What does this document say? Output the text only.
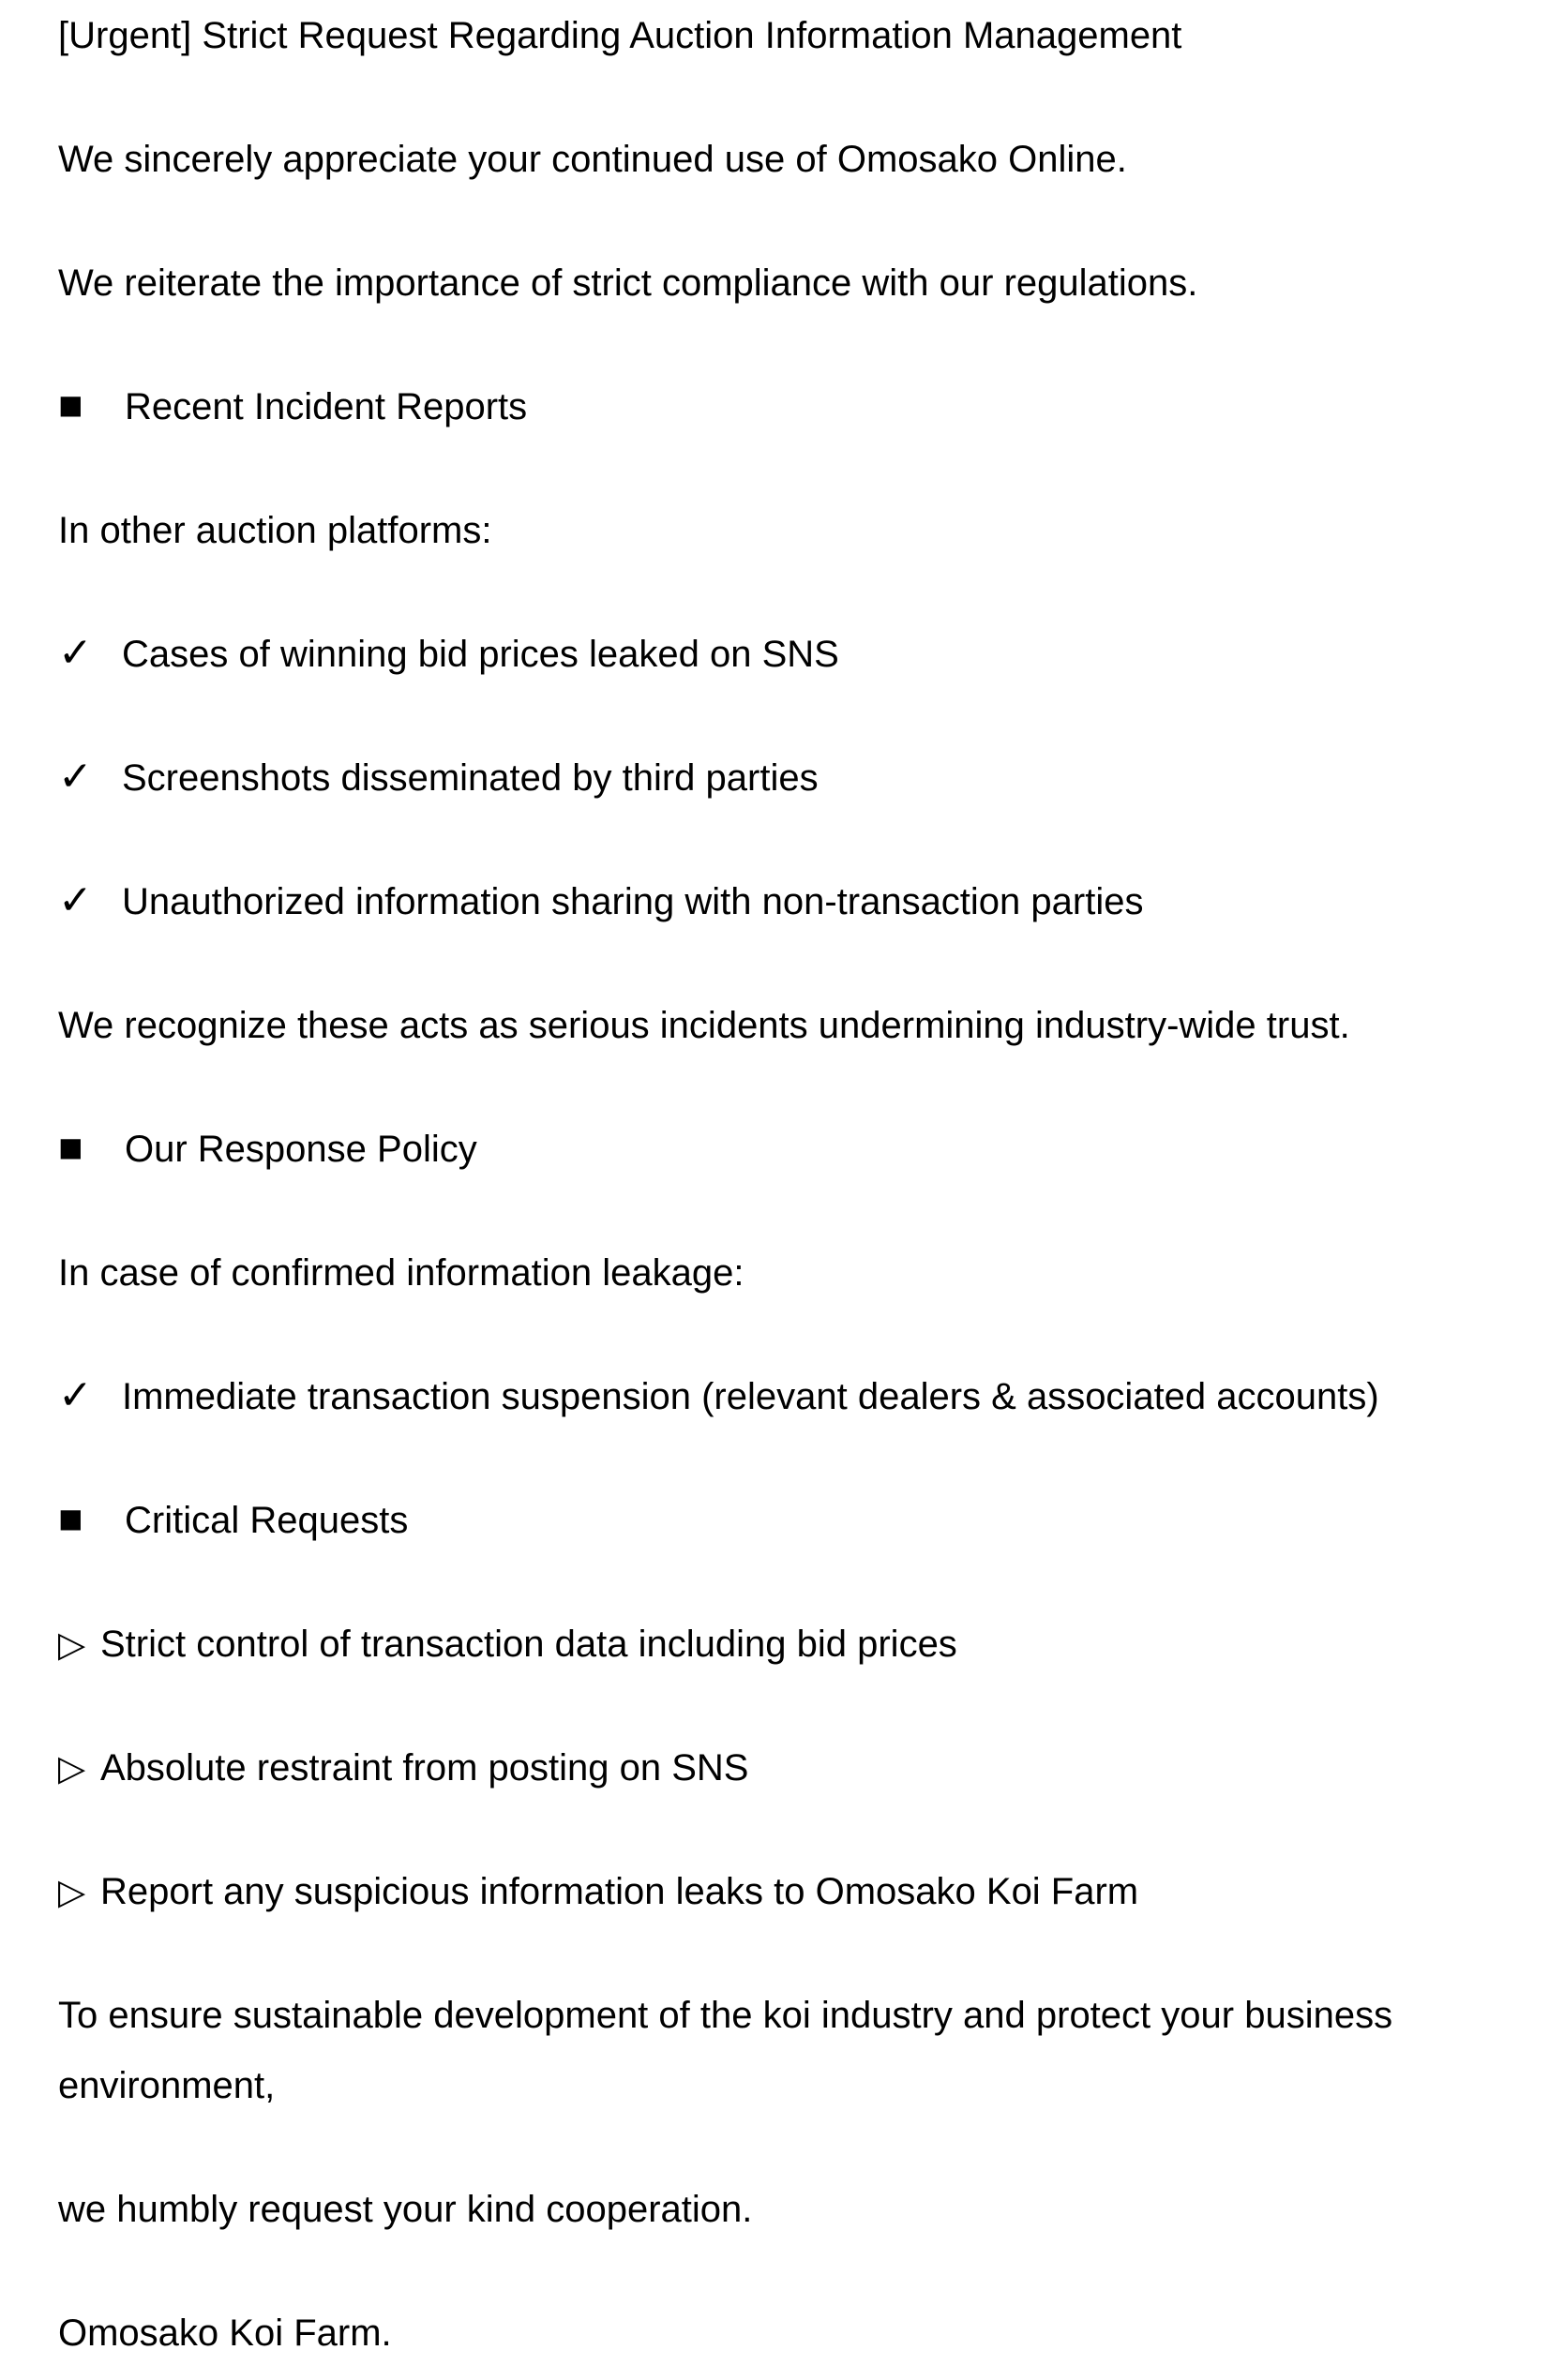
[Urgent] Strict Request Regarding Auction Information Management

We sincerely appreciate your continued use of Omosako Online.

We reiterate the importance of strict compliance with our regulations.

■ Recent Incident Reports

In other auction platforms:

✓ Cases of winning bid prices leaked on SNS

✓ Screenshots disseminated by third parties

✓ Unauthorized information sharing with non-transaction parties

We recognize these acts as serious incidents undermining industry-wide trust.

■ Our Response Policy

In case of confirmed information leakage:

✓ Immediate transaction suspension (relevant dealers & associated accounts)

■ Critical Requests

▷ Strict control of transaction data including bid prices

▷ Absolute restraint from posting on SNS

▷ Report any suspicious information leaks to Omosako Koi Farm

To ensure sustainable development of the koi industry and protect your business

environment,

we humbly request your kind cooperation.

Omosako Koi Farm.
